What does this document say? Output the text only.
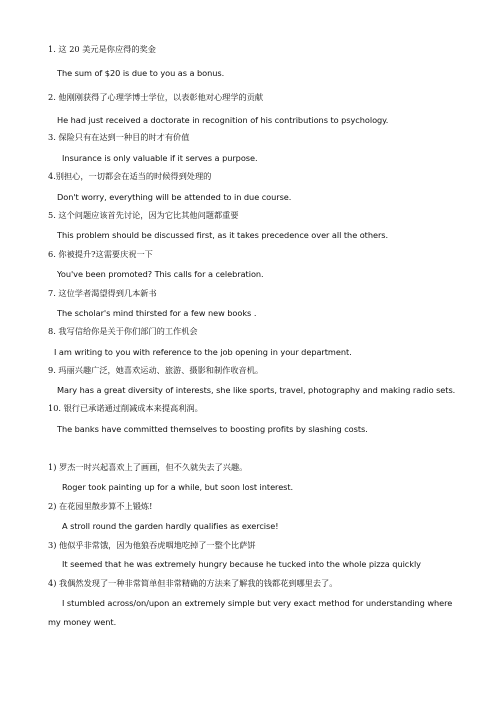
1. 这 20 美元是你应得的奖金
The sum of $20 is due to you as a bonus.
2. 他刚刚获得了心理学博士学位，以表彰他对心理学的贡献
He had just received a doctorate in recognition of his contributions to psychology.
3. 保险只有在达到一种目的时才有价值
Insurance is only valuable if it serves a purpose.
4.别担心，一切都会在适当的时候得到处理的
Don't worry, everything will be attended to in due course.
5. 这个问题应该首先讨论，因为它比其他问题都重要
This problem should be discussed first, as it takes precedence over all the others.
6. 你被提升?这需要庆祝一下
You've been promoted? This calls for a celebration.
7. 这位学者渴望得到几本新书
The scholar's mind thirsted for a few new books .
8. 我写信给你是关于你们部门的工作机会
I am writing to you with reference to the job opening in your department.
9. 玛丽兴趣广泛，她喜欢运动、旅游、摄影和制作收音机。
Mary has a great diversity of interests, she like sports, travel, photography and making radio sets.
10. 银行已承诺通过削减成本来提高利润。
The banks have committed themselves to boosting profits by slashing costs.
1) 罗杰一时兴起喜欢上了画画，但不久就失去了兴趣。
Roger took painting up for a while, but soon lost interest.
2) 在花园里散步算不上锻炼!
A stroll round the garden hardly qualifies as exercise!
3) 他似乎非常饿，因为他狼吞虎咽地吃掉了一整个比萨饼
It seemed that he was extremely hungry because he tucked into the whole pizza quickly
4) 我偶然发现了一种非常简单但非常精确的方法来了解我的钱都花到哪里去了。
I stumbled across/on/upon an extremely simple but very exact method for understanding where
my money went.
